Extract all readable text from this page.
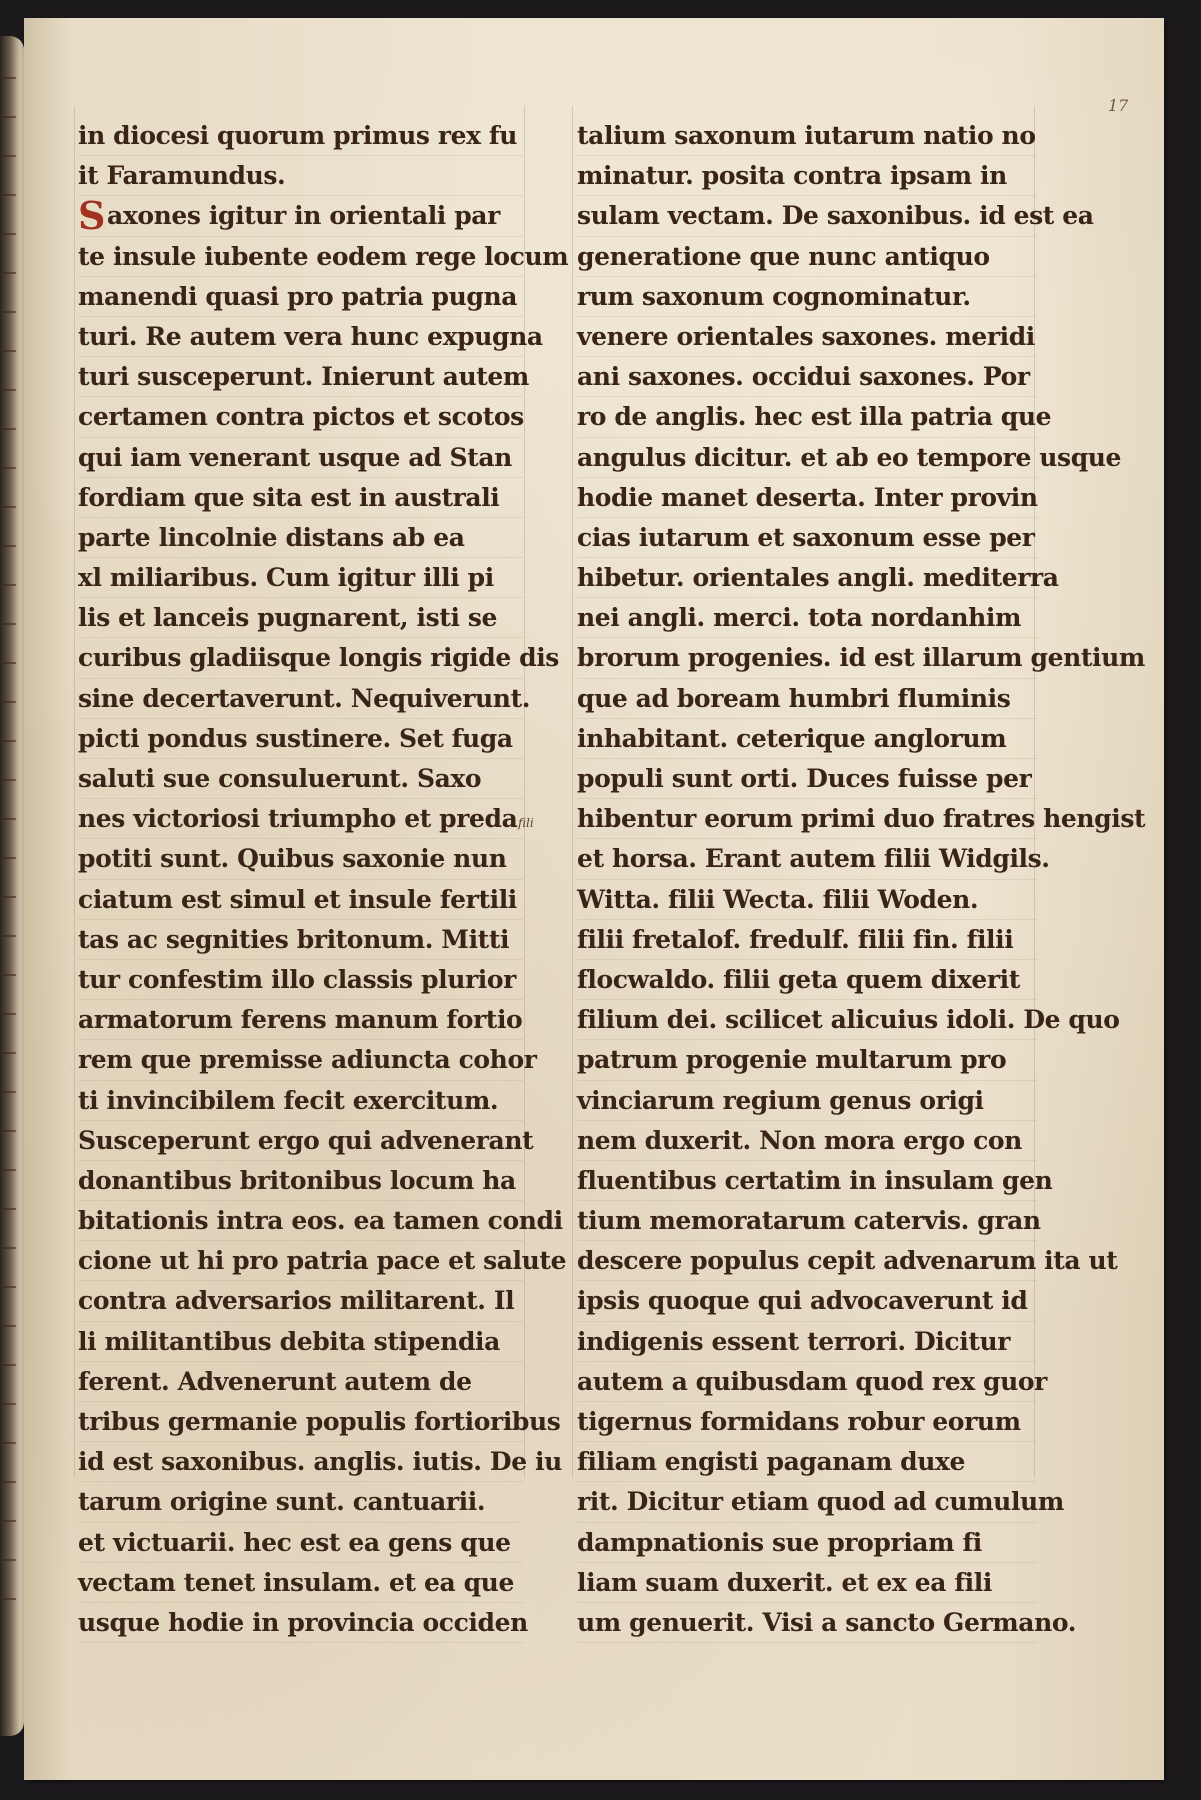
17
fili
in diocesi quorum primus rex fu
it Faramundus.
Saxones igitur in orientali par
te insule iubente eodem rege locum
manendi quasi pro patria pugna
turi. Re autem vera hunc expugna
turi susceperunt. Inierunt autem
certamen contra pictos et scotos
qui iam venerant usque ad Stan
fordiam que sita est in australi
parte lincolnie distans ab ea
xl miliaribus. Cum igitur illi pi
lis et lanceis pugnarent, isti se
curibus gladiisque longis rigide dis
sine decertaverunt. Nequiverunt.
picti pondus sustinere. Set fuga
saluti sue consuluerunt. Saxo
nes victoriosi triumpho et preda
potiti sunt. Quibus saxonie nun
ciatum est simul et insule fertili
tas ac segnities britonum. Mitti
tur confestim illo classis plurior
armatorum ferens manum fortio
rem que premisse adiuncta cohor
ti invincibilem fecit exercitum.
Susceperunt ergo qui advenerant
donantibus britonibus locum ha
bitationis intra eos. ea tamen condi
cione ut hi pro patria pace et salute
contra adversarios militarent. Il
li militantibus debita stipendia
ferent. Advenerunt autem de
tribus germanie populis fortioribus
id est saxonibus. anglis. iutis. De iu
tarum origine sunt. cantuarii.
et victuarii. hec est ea gens que
vectam tenet insulam. et ea que
usque hodie in provincia occiden
talium saxonum iutarum natio no
minatur. posita contra ipsam in
sulam vectam. De saxonibus. id est ea
generatione que nunc antiquo
rum saxonum cognominatur.
venere orientales saxones. meridi
ani saxones. occidui saxones. Por
ro de anglis. hec est illa patria que
angulus dicitur. et ab eo tempore usque
hodie manet deserta. Inter provin
cias iutarum et saxonum esse per
hibetur. orientales angli. mediterra
nei angli. merci. tota nordanhim
brorum progenies. id est illarum gentium
que ad boream humbri fluminis
inhabitant. ceterique anglorum
populi sunt orti. Duces fuisse per
hibentur eorum primi duo fratres hengist
et horsa. Erant autem filii Widgils.
Witta. filii Wecta. filii Woden.
filii fretalof. fredulf. filii fin. filii
flocwaldo. filii geta quem dixerit
filium dei. scilicet alicuius idoli. De quo
patrum progenie multarum pro
vinciarum regium genus origi
nem duxerit. Non mora ergo con
fluentibus certatim in insulam gen
tium memoratarum catervis. gran
descere populus cepit advenarum ita ut
ipsis quoque qui advocaverunt id
indigenis essent terrori. Dicitur
autem a quibusdam quod rex guor
tigernus formidans robur eorum
filiam engisti paganam duxe
rit. Dicitur etiam quod ad cumulum
dampnationis sue propriam fi
liam suam duxerit. et ex ea fili
um genuerit. Visi a sancto Germano.
